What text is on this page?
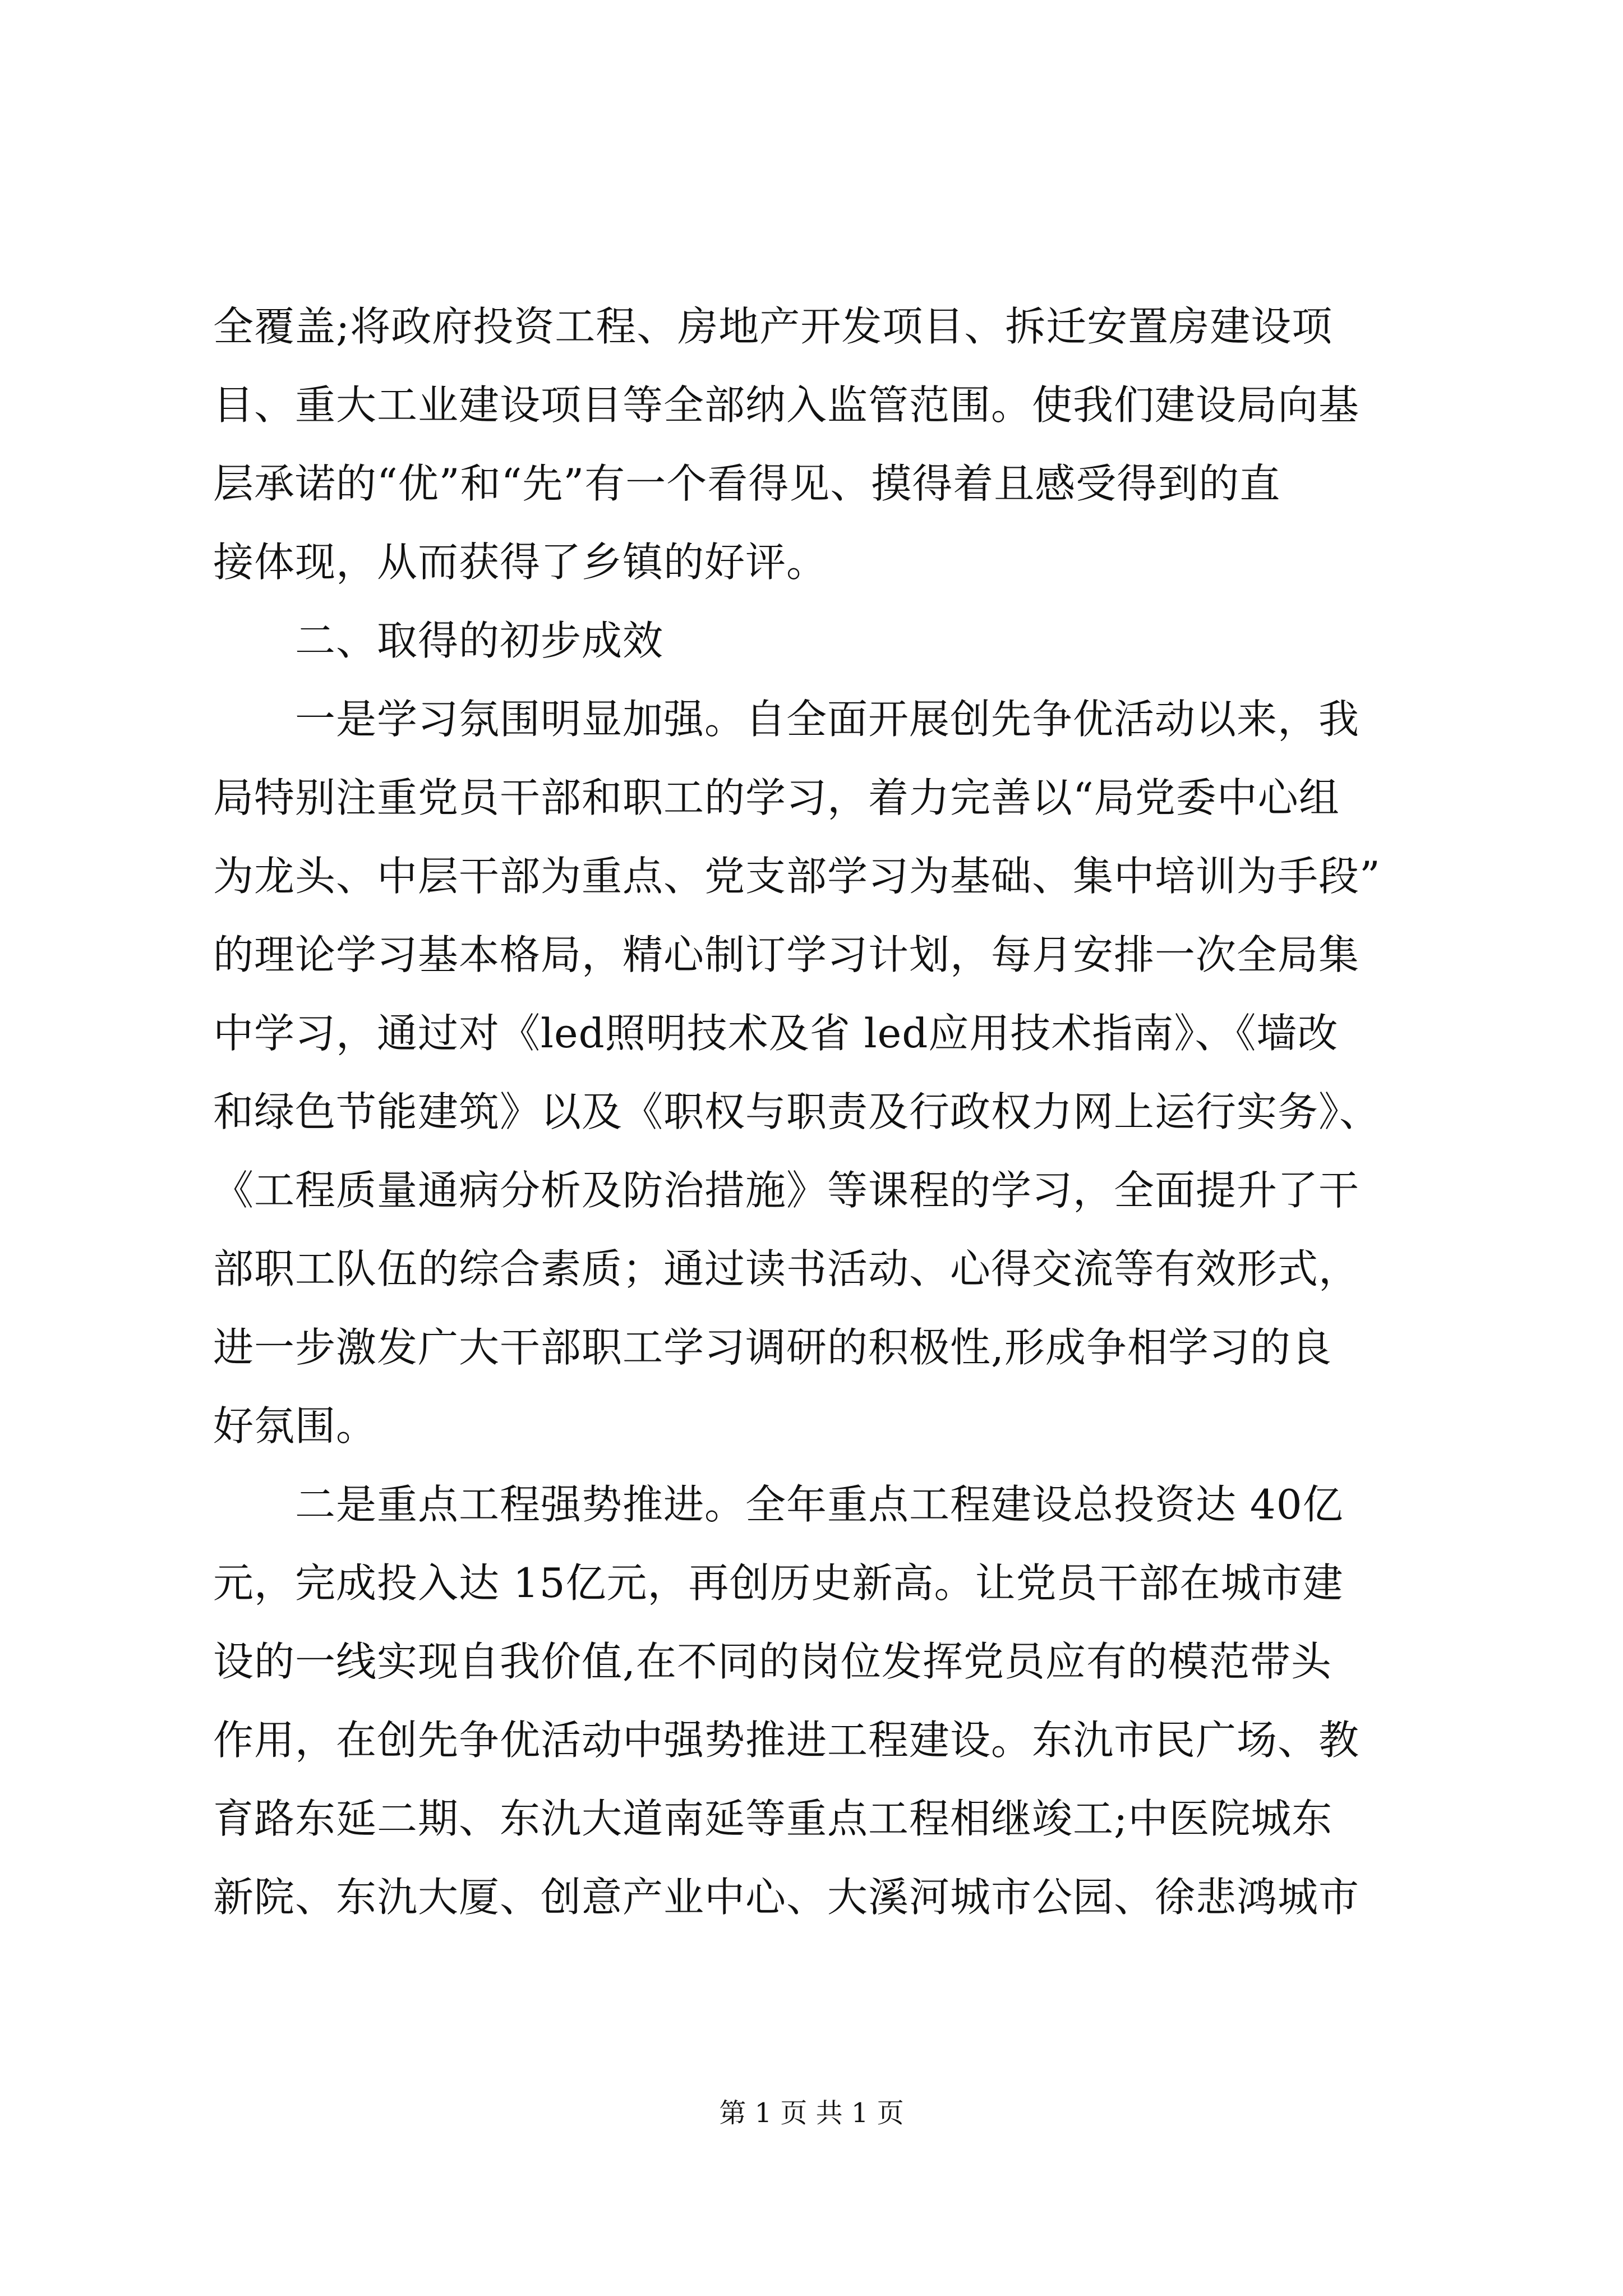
全覆盖;将政府投资工程、房地产开发项目、拆迁安置房建设项
目、重大工业建设项目等全部纳入监管范围。使我们建设局向基
层承诺的“优”和“先”有一个看得见、摸得着且感受得到的直
接体现，从而获得了乡镇的好评。
二、取得的初步成效
一是学习氛围明显加强。自全面开展创先争优活动以来，我
局特别注重党员干部和职工的学习，着力完善以“局党委中心组
为龙头、中层干部为重点、党支部学习为基础、集中培训为手段”
的理论学习基本格局，精心制订学习计划，每月安排一次全局集
中学习，通过对《led照明技术及省 led应用技术指南》、《墙改
和绿色节能建筑》以及《职权与职责及行政权力网上运行实务》、
《工程质量通病分析及防治措施》等课程的学习，全面提升了干
部职工队伍的综合素质；通过读书活动、心得交流等有效形式，
进一步激发广大干部职工学习调研的积极性,形成争相学习的良
好氛围。
二是重点工程强势推进。全年重点工程建设总投资达 40亿
元，完成投入达 15亿元，再创历史新高。让党员干部在城市建
设的一线实现自我价值,在不同的岗位发挥党员应有的模范带头
作用，在创先争优活动中强势推进工程建设。东氿市民广场、教
育路东延二期、东氿大道南延等重点工程相继竣工;中医院城东
新院、东氿大厦、创意产业中心、大溪河城市公园、徐悲鸿城市
第 1 页 共 1 页
